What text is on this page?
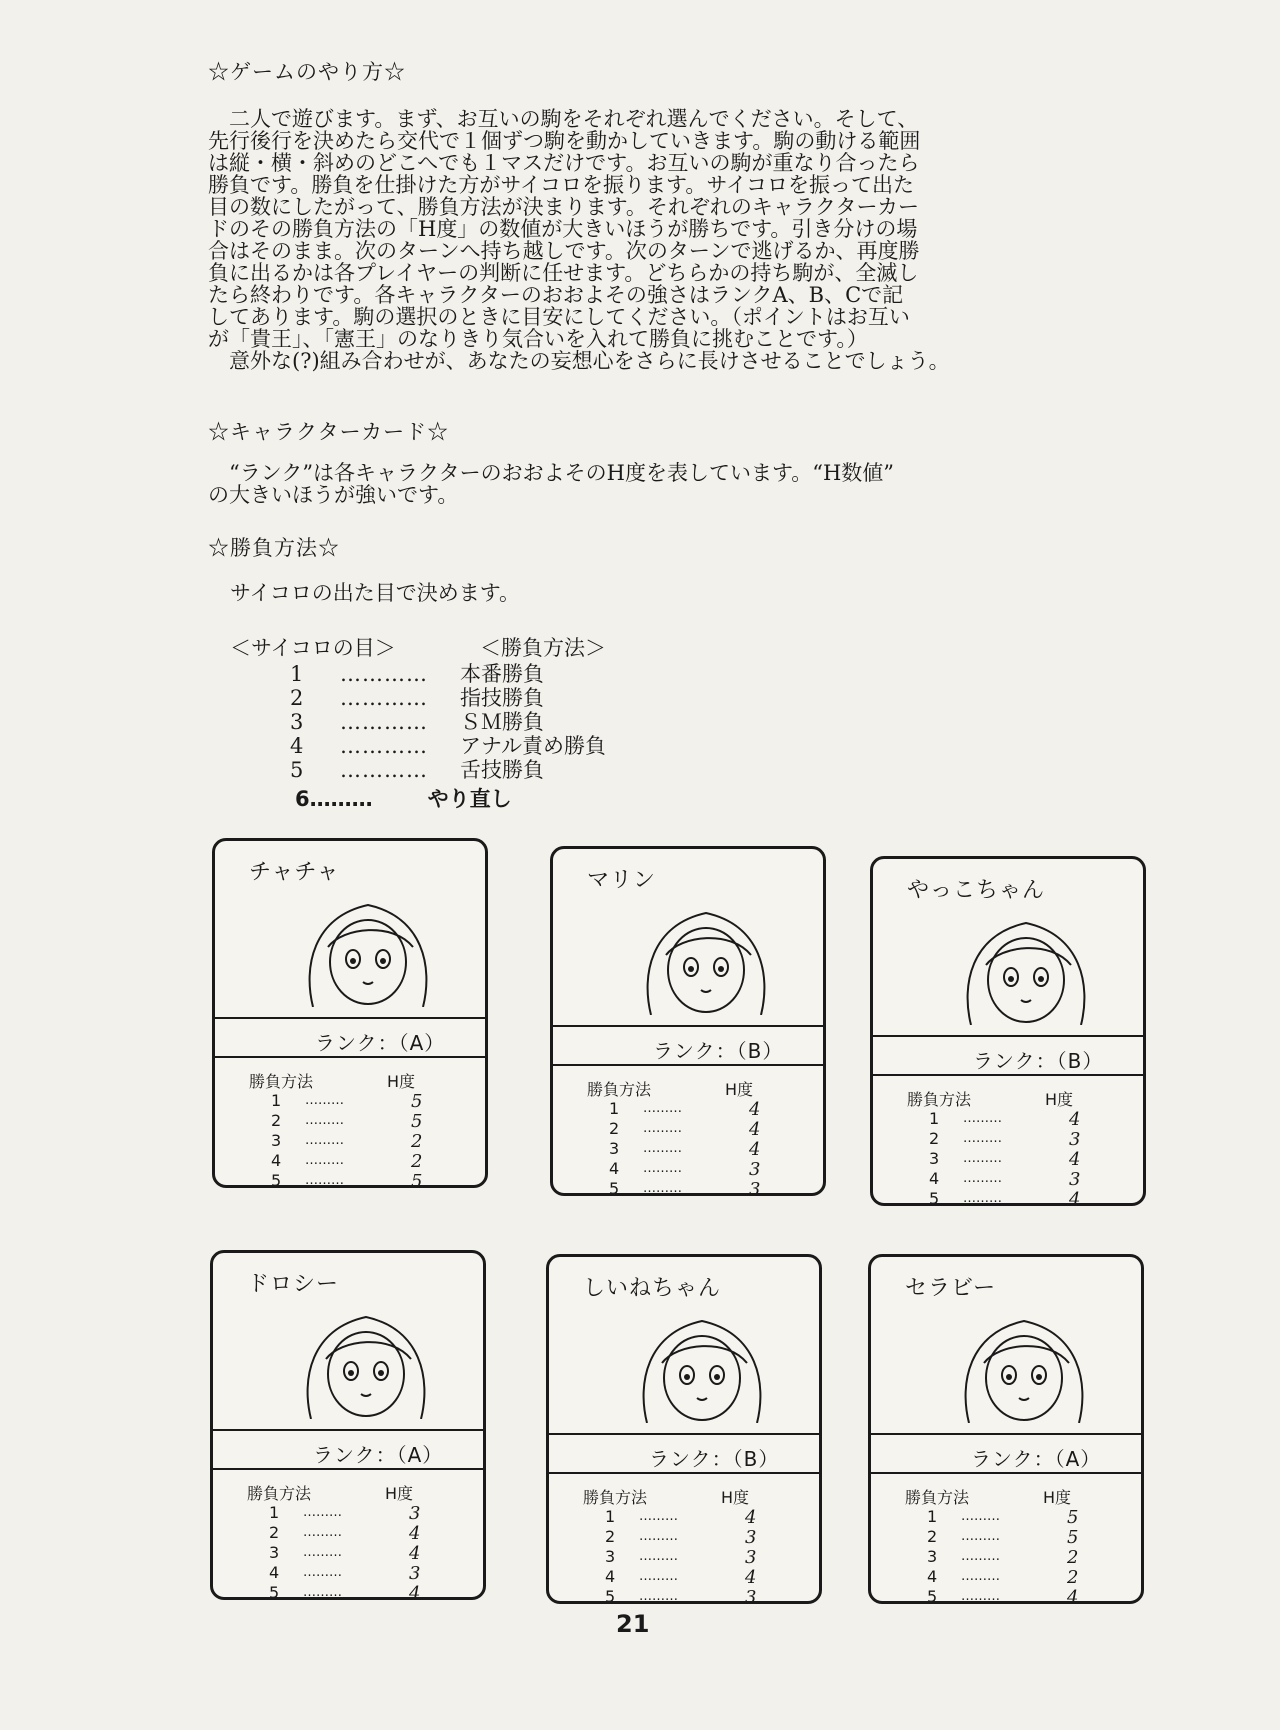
☆ゲームのやり方☆
　二人で遊びます。まず、お互いの駒をそれぞれ選んでください。そして、
先行後行を決めたら交代で１個ずつ駒を動かしていきます。駒の動ける範囲
は縦・横・斜めのどこへでも１マスだけです。お互いの駒が重なり合ったら
勝負です。勝負を仕掛けた方がサイコロを振ります。サイコロを振って出た
目の数にしたがって、勝負方法が決まります。それぞれのキャラクターカー
ドのその勝負方法の「H度」の数値が大きいほうが勝ちです。引き分けの場
合はそのまま。次のターンへ持ち越しです。次のターンで逃げるか、再度勝
負に出るかは各プレイヤーの判断に任せます。どちらかの持ち駒が、全滅し
たら終わりです。各キャラクターのおおよその強さはランクA、B、Cで記
してあります。駒の選択のときに目安にしてください。（ポイントはお互い
が「貴王」、「憲王」のなりきり気合いを入れて勝負に挑むことです。）
　意外な(?)組み合わせが、あなたの妄想心をさらに長けさせることでしょう。
☆キャラクターカード☆
　“ランク”は各キャラクターのおおよそのH度を表しています。“H数値”
の大きいほうが強いです。
☆勝負方法☆
サイコロの出た目で決めます。
＜サイコロの目＞	＜勝負方法＞
1 ………… 本番勝負
2 ………… 指技勝負
3 ………… ＳＭ勝負
4 ………… アナル責め勝負
5 ………… 舌技勝負
6………	やり直し
チャチャ
ランク：（A）
勝負方法	H度
1 ………	5
2 ………	5
3 ………	2
4 ………	2
5 ………	5
マリン
ランク：（B）
勝負方法	H度
1 ………	4
2 ………	4
3 ………	4
4 ………	3
5 ………	3
やっこちゃん
ランク：（B）
勝負方法	H度
1 ………	4
2 ………	3
3 ………	4
4 ………	3
5 ………	4
ドロシー
ランク：（A）
勝負方法	H度
1 ………	3
2 ………	4
3 ………	4
4 ………	3
5 ………	4
しいねちゃん
ランク：（B）
勝負方法	H度
1 ………	4
2 ………	3
3 ………	3
4 ………	4
5 ………	3
セラビー
ランク：（A）
勝負方法	H度
1 ………	5
2 ………	5
3 ………	2
4 ………	2
5 ………	4
21
